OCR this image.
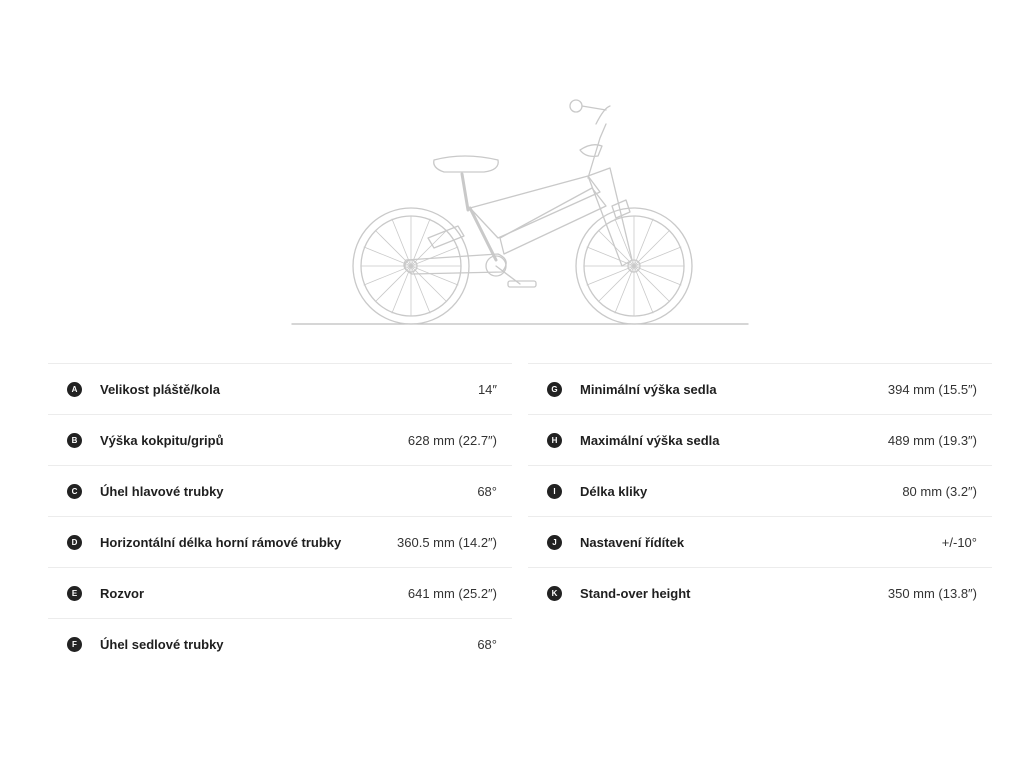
A	Velikost pláště/kola	14″
B	Výška kokpitu/gripů	628 mm (22.7″)
C	Úhel hlavové trubky	68°
D	Horizontální délka horní rámové trubky	360.5 mm (14.2″)
E	Rozvor	641 mm (25.2″)
F	Úhel sedlové trubky	68°
G	Minimální výška sedla	394 mm (15.5″)
H	Maximální výška sedla	489 mm (19.3″)
I	Délka kliky	80 mm (3.2″)
J	Nastavení řídítek	+/-10°
K	Stand-over height	350 mm (13.8″)
